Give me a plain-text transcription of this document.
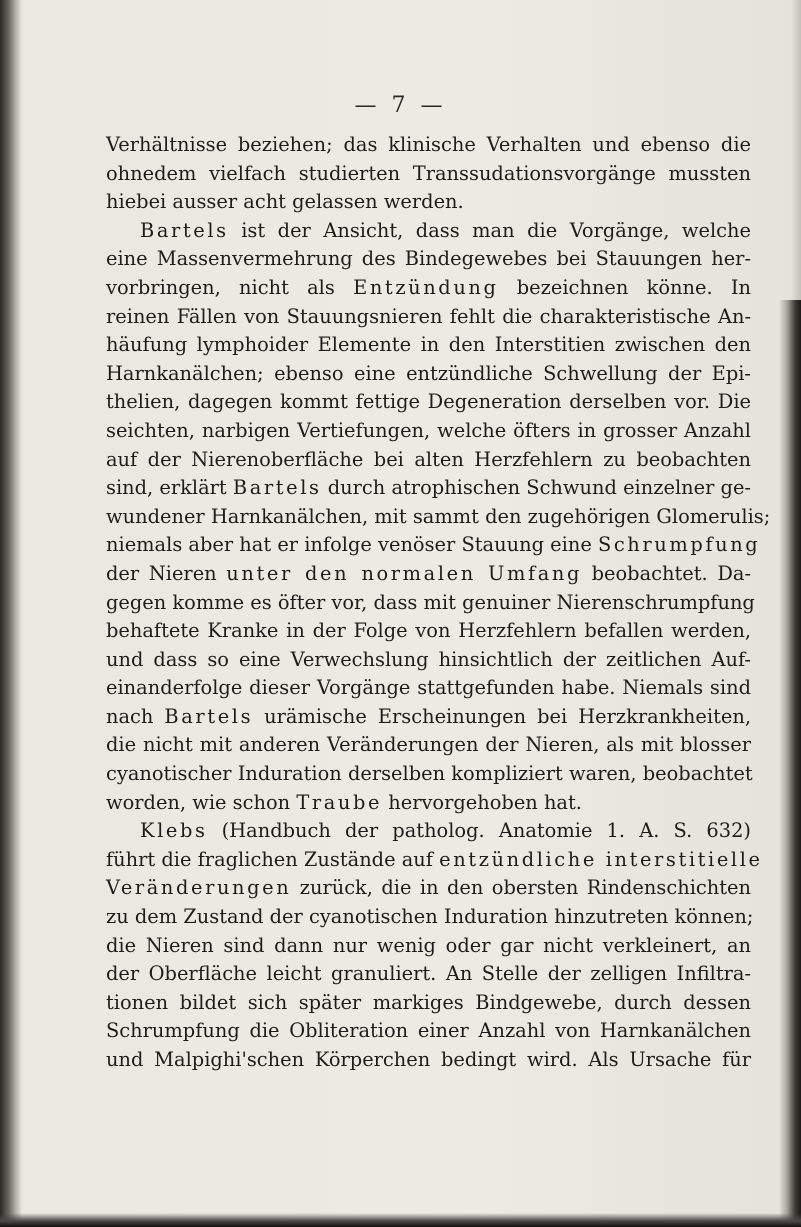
— 7 —
Verhältnisse beziehen; das klinische Verhalten und ebenso die
ohnedem vielfach studierten Transsudationsvorgänge mussten
hiebei ausser acht gelassen werden.
Bartels ist der Ansicht, dass man die Vorgänge, welche
eine Massenvermehrung des Bindegewebes bei Stauungen her-
vorbringen, nicht als Entzündung bezeichnen könne. In
reinen Fällen von Stauungsnieren fehlt die charakteristische An-
häufung lymphoider Elemente in den Interstitien zwischen den
Harnkanälchen; ebenso eine entzündliche Schwellung der Epi-
thelien, dagegen kommt fettige Degeneration derselben vor. Die
seichten, narbigen Vertiefungen, welche öfters in grosser Anzahl
auf der Nierenoberfläche bei alten Herzfehlern zu beobachten
sind, erklärt Bartels durch atrophischen Schwund einzelner ge-
wundener Harnkanälchen, mit sammt den zugehörigen Glomerulis;
niemals aber hat er infolge venöser Stauung eine Schrumpfung
der Nieren unter den normalen Umfang beobachtet. Da-
gegen komme es öfter vor, dass mit genuiner Nierenschrumpfung
behaftete Kranke in der Folge von Herzfehlern befallen werden,
und dass so eine Verwechslung hinsichtlich der zeitlichen Auf-
einanderfolge dieser Vorgänge stattgefunden habe. Niemals sind
nach Bartels urämische Erscheinungen bei Herzkrankheiten,
die nicht mit anderen Veränderungen der Nieren, als mit blosser
cyanotischer Induration derselben kompliziert waren, beobachtet
worden, wie schon Traube hervorgehoben hat.
Klebs (Handbuch der patholog. Anatomie 1. A. S. 632)
führt die fraglichen Zustände auf entzündliche interstitielle
Veränderungen zurück, die in den obersten Rindenschichten
zu dem Zustand der cyanotischen Induration hinzutreten können;
die Nieren sind dann nur wenig oder gar nicht verkleinert, an
der Oberfläche leicht granuliert. An Stelle der zelligen Infiltra-
tionen bildet sich später markiges Bindgewebe, durch dessen
Schrumpfung die Obliteration einer Anzahl von Harnkanälchen
und Malpighi'schen Körperchen bedingt wird. Als Ursache für
